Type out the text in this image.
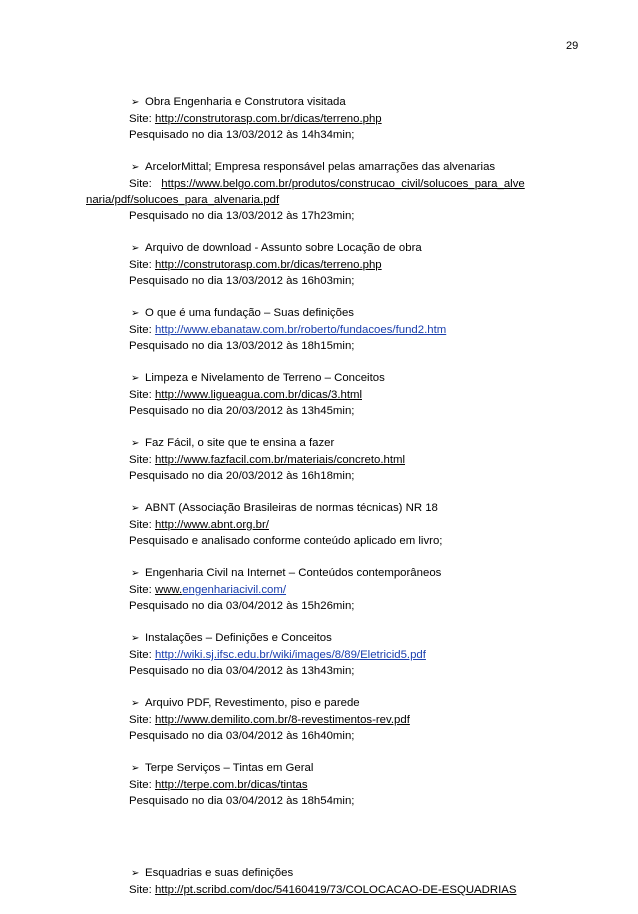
29
➢ Obra Engenharia e Construtora visitada
Site: http://construtorasp.com.br/dicas/terreno.php
Pesquisado no dia 13/03/2012 às 14h34min;
➢ ArcelorMittal; Empresa responsável pelas amarrações das alvenarias
Site: https://www.belgo.com.br/produtos/construcao_civil/solucoes_para_alve
naria/pdf/solucoes_para_alvenaria.pdf
Pesquisado no dia 13/03/2012 às 17h23min;
➢ Arquivo de download - Assunto sobre Locação de obra
Site: http://construtorasp.com.br/dicas/terreno.php
Pesquisado no dia 13/03/2012 às 16h03min;
➢ O que é uma fundação – Suas definições
Site: http://www.ebanataw.com.br/roberto/fundacoes/fund2.htm
Pesquisado no dia 13/03/2012 às 18h15min;
➢ Limpeza e Nivelamento de Terreno – Conceitos
Site: http://www.ligueagua.com.br/dicas/3.html
Pesquisado no dia 20/03/2012 às 13h45min;
➢ Faz Fácil, o site que te ensina a fazer
Site: http://www.fazfacil.com.br/materiais/concreto.html
Pesquisado no dia 20/03/2012 às 16h18min;
➢ ABNT (Associação Brasileiras de normas técnicas) NR 18
Site: http://www.abnt.org.br/
Pesquisado e analisado conforme conteúdo aplicado em livro;
➢ Engenharia Civil na Internet – Conteúdos contemporâneos
Site: www.engenhariacivil.com/
Pesquisado no dia 03/04/2012 às 15h26min;
➢ Instalações – Definições e Conceitos
Site: http://wiki.sj.ifsc.edu.br/wiki/images/8/89/Eletricid5.pdf
Pesquisado no dia 03/04/2012 às 13h43min;
➢ Arquivo PDF, Revestimento, piso e parede
Site: http://www.demilito.com.br/8-revestimentos-rev.pdf
Pesquisado no dia 03/04/2012 às 16h40min;
➢ Terpe Serviços – Tintas em Geral
Site: http://terpe.com.br/dicas/tintas
Pesquisado no dia 03/04/2012 às 18h54min;
➢ Esquadrias e suas definições
Site: http://pt.scribd.com/doc/54160419/73/COLOCACAO-DE-ESQUADRIAS
